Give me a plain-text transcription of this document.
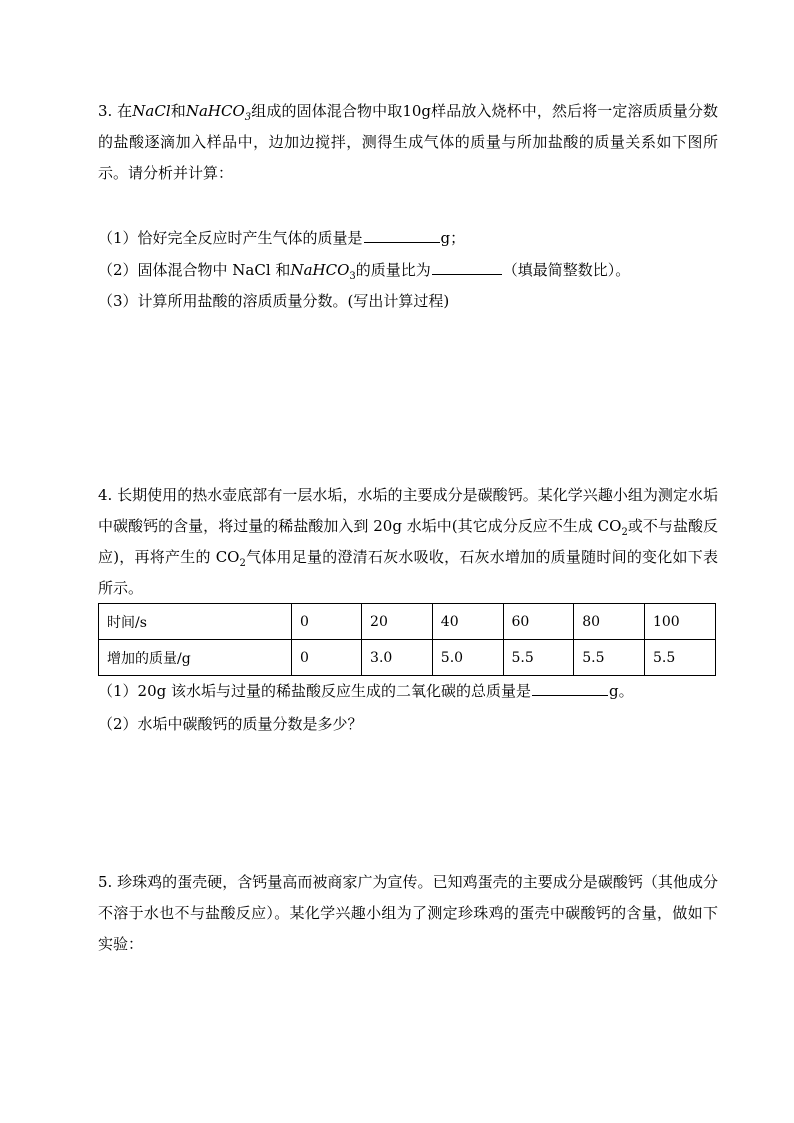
3. 在NaCl和NaHCO$_3$组成的固体混合物中取10g样品放入烧杯中，然后将一定溶质质量分数的盐酸逐滴加入样品中，边加边搅拌，测得生成气体的质量与所加盐酸的质量关系如下图所示。请分析并计算：

（1）恰好完全反应时产生气体的质量是	g；

（2）固体混合物中 NaCl 和NaHCO$_3$的质量比为	（填最简整数比）。

（3）计算所用盐酸的溶质质量分数。(写出计算过程)

4. 长期使用的热水壶底部有一层水垢，水垢的主要成分是碳酸钙。某化学兴趣小组为测定水垢中碳酸钙的含量，将过量的稀盐酸加入到 20g 水垢中(其它成分反应不生成 $CO_2$或不与盐酸反应)，再将产生的 $CO_2$气体用足量的澄清石灰水吸收，石灰水增加的质量随时间的变化如下表所示。

时间/s	0	20	40	60	80	100
增加的质量/g	0	3.0	5.0	5.5	5.5	5.5

（1）20g 该水垢与过量的稀盐酸反应生成的二氧化碳的总质量是	g。

（2）水垢中碳酸钙的质量分数是多少？

5. 珍珠鸡的蛋壳硬，含钙量高而被商家广为宣传。已知鸡蛋壳的主要成分是碳酸钙（其他成分不溶于水也不与盐酸反应）。某化学兴趣小组为了测定珍珠鸡的蛋壳中碳酸钙的含量，做如下实验：
